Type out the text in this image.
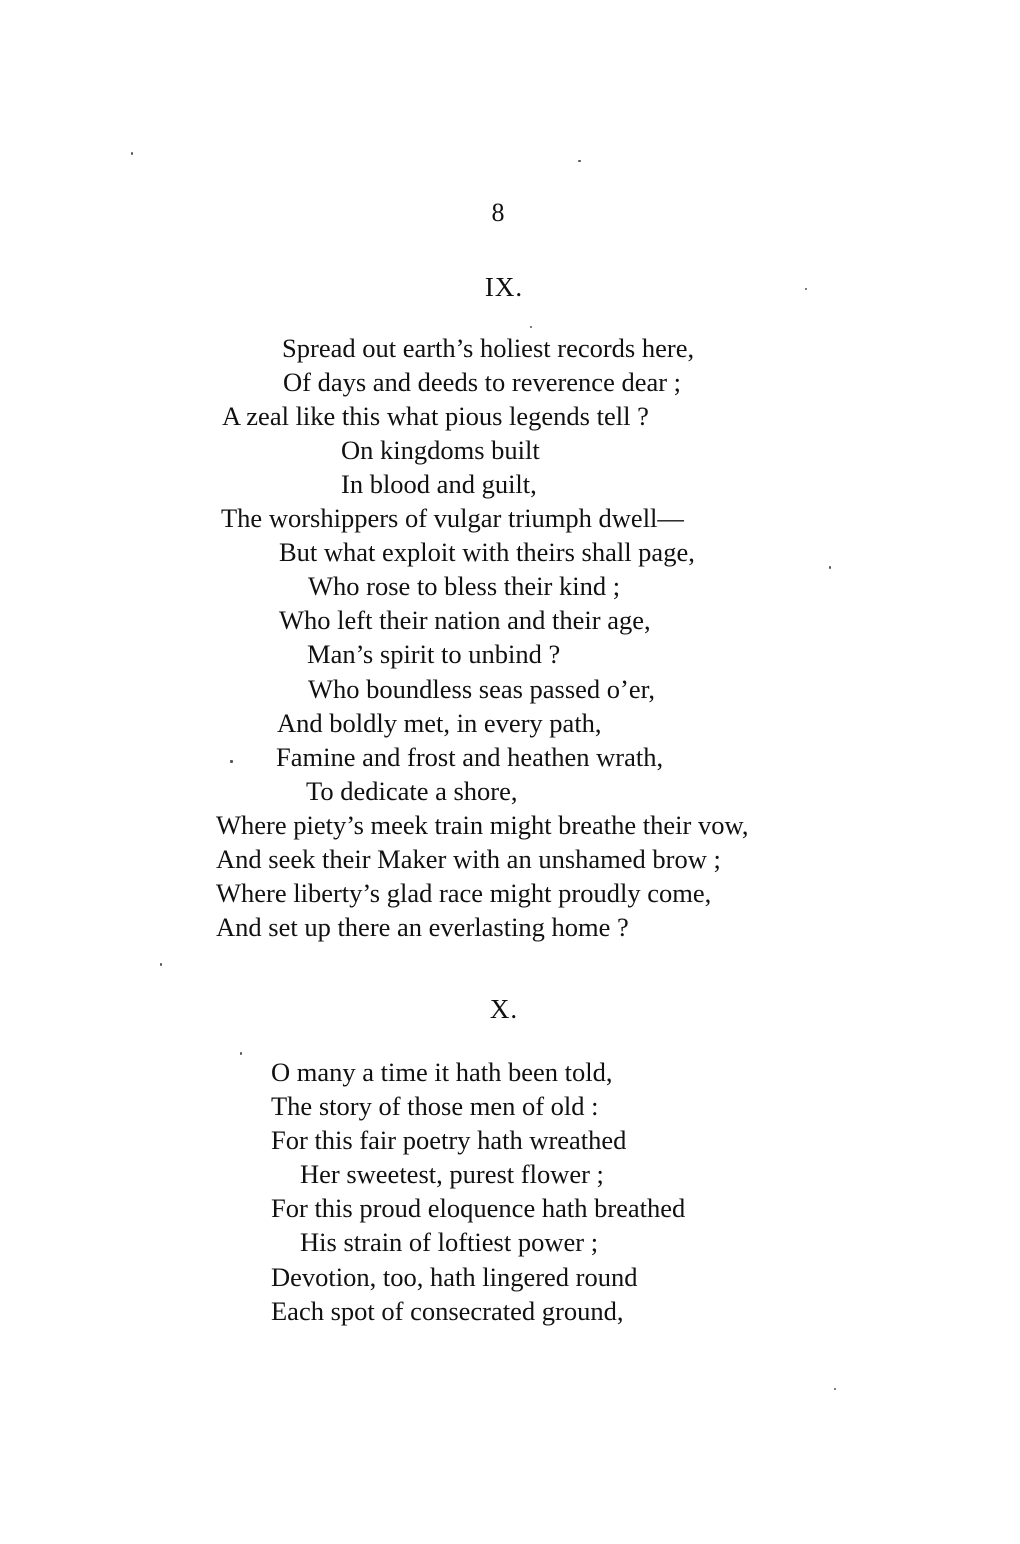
8
IX.
Spread out earth’s holiest records here,
Of days and deeds to reverence dear ;
A zeal like this what pious legends tell ?
On kingdoms built
In blood and guilt,
The worshippers of vulgar triumph dwell—
But what exploit with theirs shall page,
Who rose to bless their kind ;
Who left their nation and their age,
Man’s spirit to unbind ?
Who boundless seas passed o’er,
And boldly met, in every path,
Famine and frost and heathen wrath,
To dedicate a shore,
Where piety’s meek train might breathe their vow,
And seek their Maker with an unshamed brow ;
Where liberty’s glad race might proudly come,
And set up there an everlasting home ?
X.
O many a time it hath been told,
The story of those men of old :
For this fair poetry hath wreathed
Her sweetest, purest flower ;
For this proud eloquence hath breathed
His strain of loftiest power ;
Devotion, too, hath lingered round
Each spot of consecrated ground,
